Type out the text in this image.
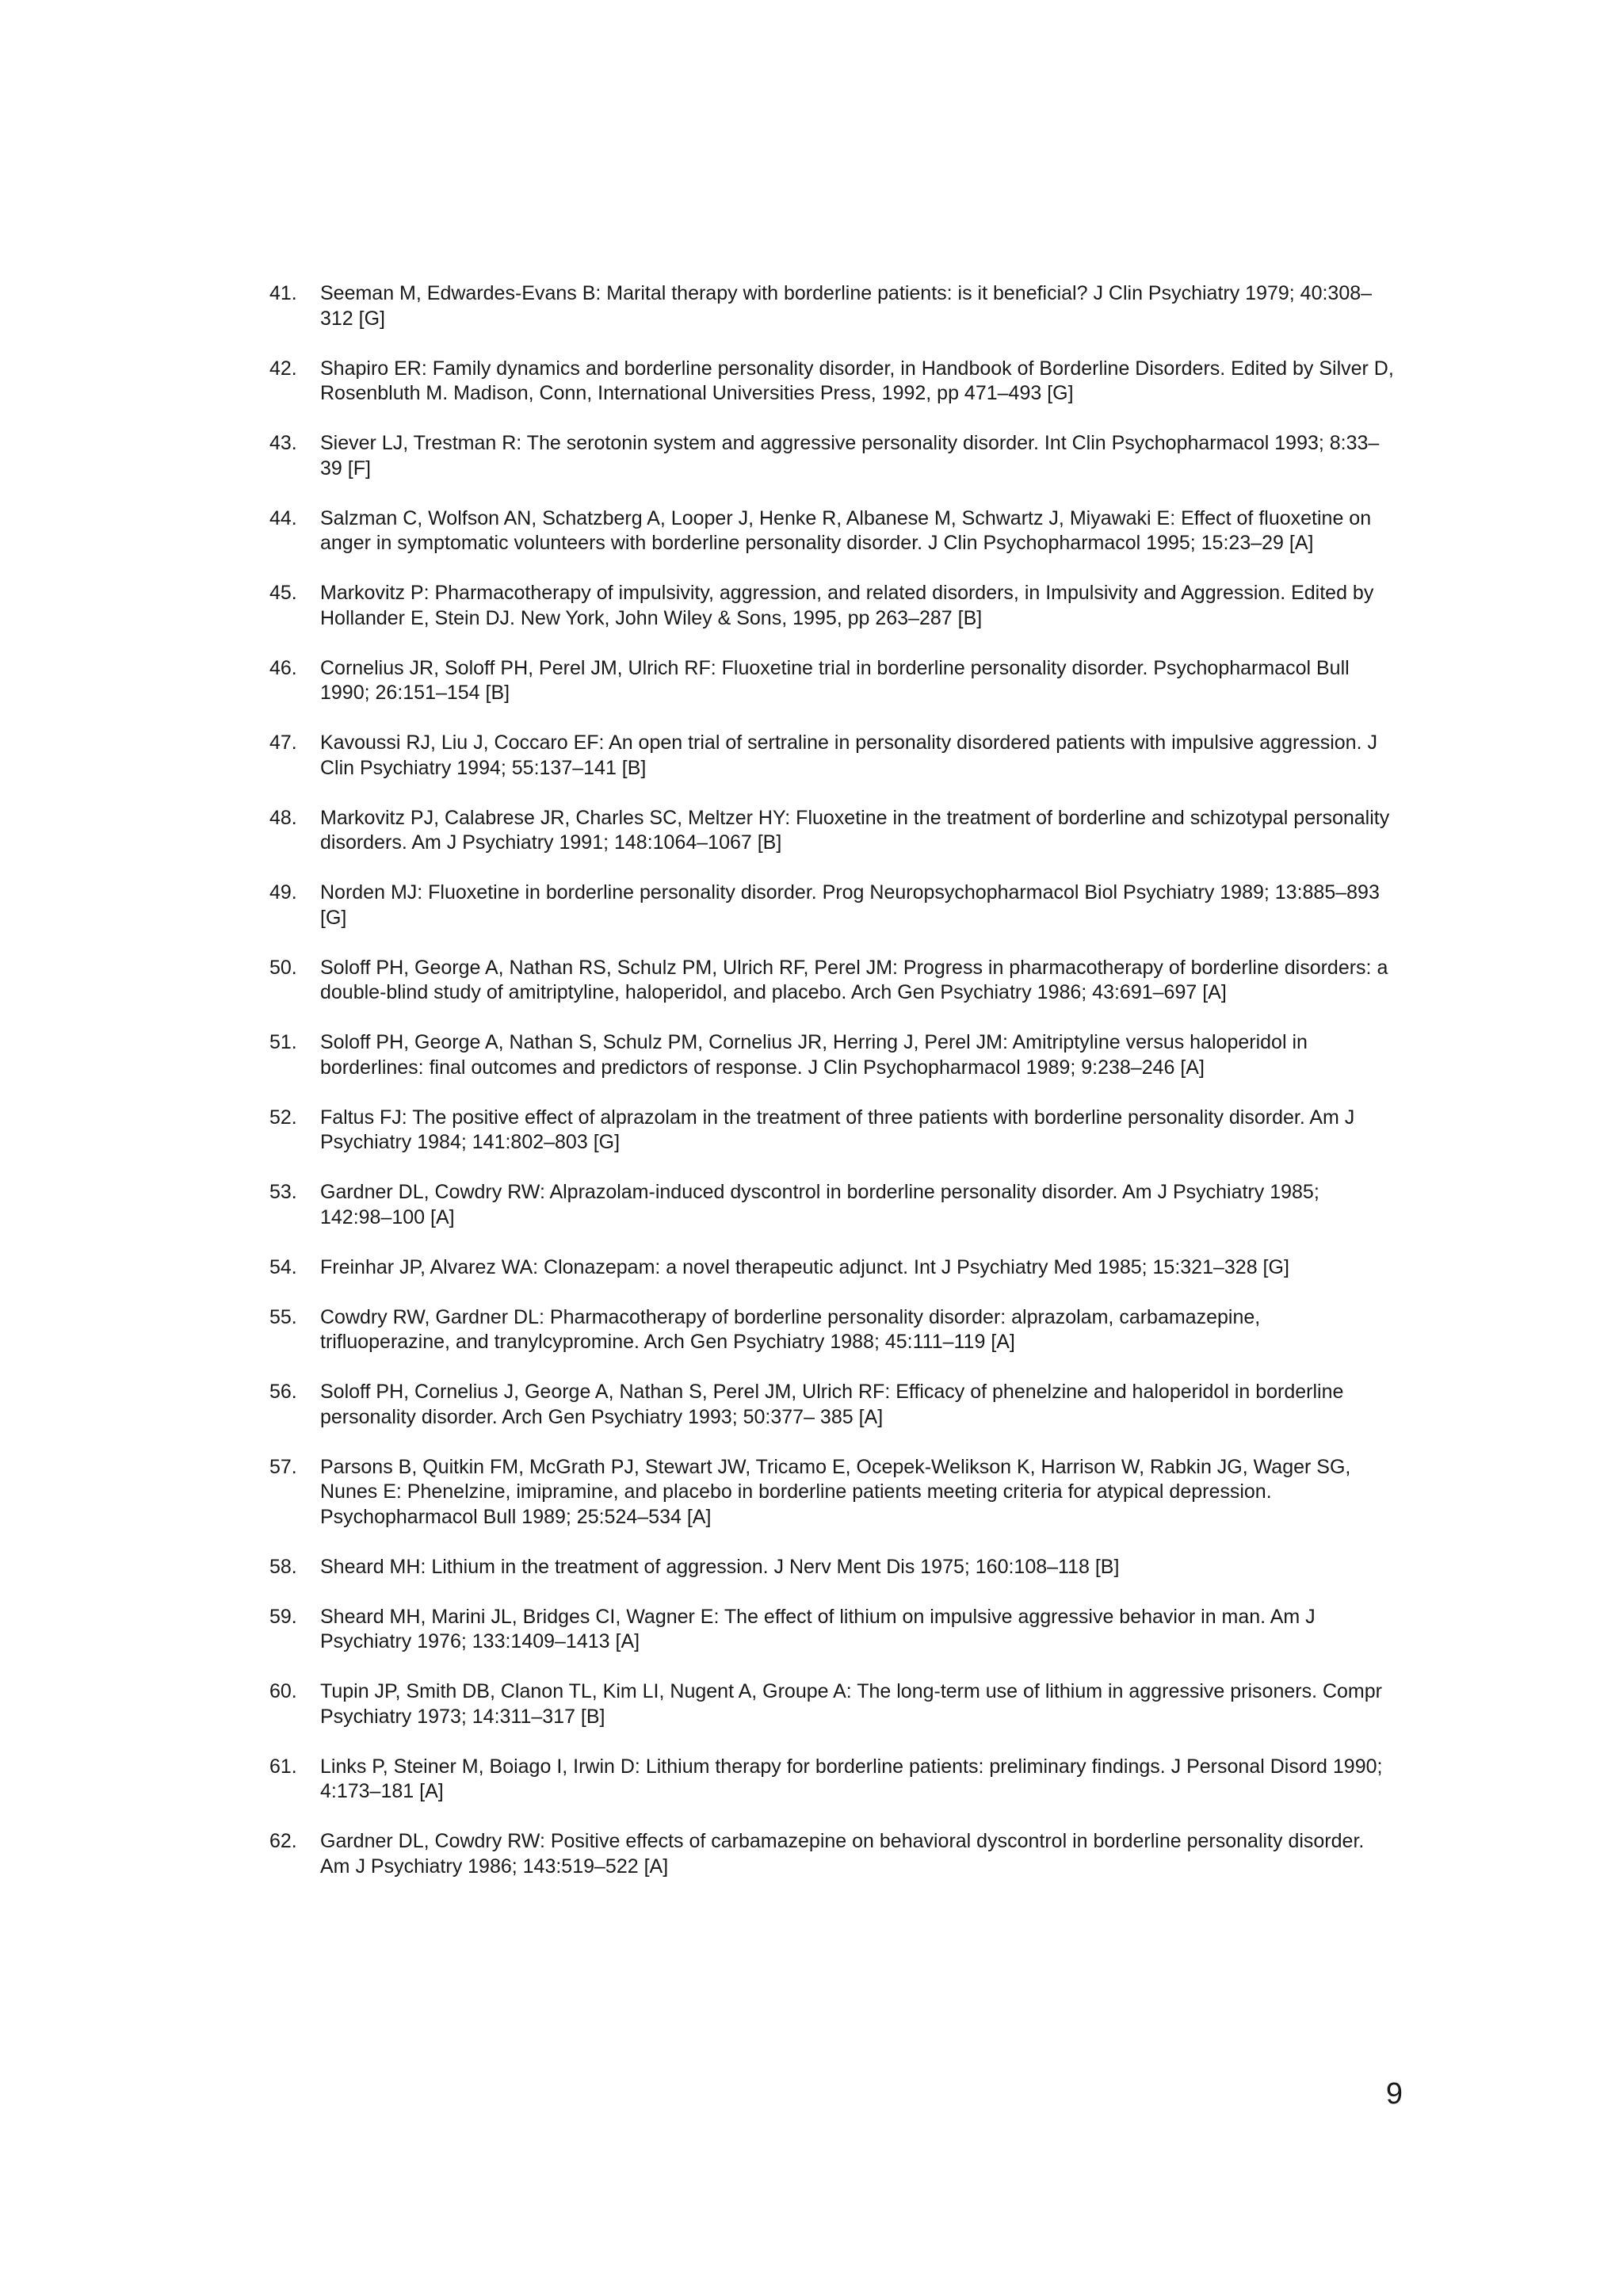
41.	Seeman M, Edwardes-Evans B: Marital therapy with borderline patients: is it beneficial? J Clin Psychiatry 1979; 40:308–312 [G]
42.	Shapiro ER: Family dynamics and borderline personality disorder, in Handbook of Borderline Disorders. Edited by Silver D, Rosenbluth M. Madison, Conn, International Universities Press, 1992, pp 471–493 [G]
43.	Siever LJ, Trestman R: The serotonin system and aggressive personality disorder. Int Clin Psychopharmacol 1993; 8:33–39 [F]
44.	Salzman C, Wolfson AN, Schatzberg A, Looper J, Henke R, Albanese M, Schwartz J, Miyawaki E: Effect of fluoxetine on anger in symptomatic volunteers with borderline personality disorder. J Clin Psychopharmacol 1995; 15:23–29 [A]
45.	Markovitz P: Pharmacotherapy of impulsivity, aggression, and related disorders, in Impulsivity and Aggression. Edited by Hollander E, Stein DJ. New York, John Wiley & Sons, 1995, pp 263–287 [B]
46.	Cornelius JR, Soloff PH, Perel JM, Ulrich RF: Fluoxetine trial in borderline personality disorder. Psychopharmacol Bull 1990; 26:151–154 [B]
47.	Kavoussi RJ, Liu J, Coccaro EF: An open trial of sertraline in personality disordered patients with impulsive aggression. J Clin Psychiatry 1994; 55:137–141 [B]
48.	Markovitz PJ, Calabrese JR, Charles SC, Meltzer HY: Fluoxetine in the treatment of borderline and schizotypal personality disorders. Am J Psychiatry 1991; 148:1064–1067 [B]
49.	Norden MJ: Fluoxetine in borderline personality disorder. Prog Neuropsychopharmacol Biol Psychiatry 1989; 13:885–893 [G]
50.	Soloff PH, George A, Nathan RS, Schulz PM, Ulrich RF, Perel JM: Progress in pharmacotherapy of borderline disorders: a double-blind study of amitriptyline, haloperidol, and placebo. Arch Gen Psychiatry 1986; 43:691–697 [A]
51.	Soloff PH, George A, Nathan S, Schulz PM, Cornelius JR, Herring J, Perel JM: Amitriptyline versus haloperidol in borderlines: final outcomes and predictors of response. J Clin Psychopharmacol 1989; 9:238–246 [A]
52.	Faltus FJ: The positive effect of alprazolam in the treatment of three patients with borderline personality disorder. Am J Psychiatry 1984; 141:802–803 [G]
53.	Gardner DL, Cowdry RW: Alprazolam-induced dyscontrol in borderline personality disorder. Am J Psychiatry 1985; 142:98–100 [A]
54.	Freinhar JP, Alvarez WA: Clonazepam: a novel therapeutic adjunct. Int J Psychiatry Med 1985; 15:321–328 [G]
55.	Cowdry RW, Gardner DL: Pharmacotherapy of borderline personality disorder: alprazolam, carbamazepine, trifluoperazine, and tranylcypromine. Arch Gen Psychiatry 1988; 45:111–119 [A]
56.	Soloff PH, Cornelius J, George A, Nathan S, Perel JM, Ulrich RF: Efficacy of phenelzine and haloperidol in borderline personality disorder. Arch Gen Psychiatry 1993; 50:377– 385 [A]
57.	Parsons B, Quitkin FM, McGrath PJ, Stewart JW, Tricamo E, Ocepek-Welikson K, Harrison W, Rabkin JG, Wager SG, Nunes E: Phenelzine, imipramine, and placebo in borderline patients meeting criteria for atypical depression. Psychopharmacol Bull 1989; 25:524–534 [A]
58.	Sheard MH: Lithium in the treatment of aggression. J Nerv Ment Dis 1975; 160:108–118 [B]
59.	Sheard MH, Marini JL, Bridges CI, Wagner E: The effect of lithium on impulsive aggressive behavior in man. Am J Psychiatry 1976; 133:1409–1413 [A]
60.	Tupin JP, Smith DB, Clanon TL, Kim LI, Nugent A, Groupe A: The long-term use of lithium in aggressive prisoners. Compr Psychiatry 1973; 14:311–317 [B]
61.	Links P, Steiner M, Boiago I, Irwin D: Lithium therapy for borderline patients: preliminary findings. J Personal Disord 1990; 4:173–181 [A]
62.	Gardner DL, Cowdry RW: Positive effects of carbamazepine on behavioral dyscontrol in borderline personality disorder. Am J Psychiatry 1986; 143:519–522 [A]
9
